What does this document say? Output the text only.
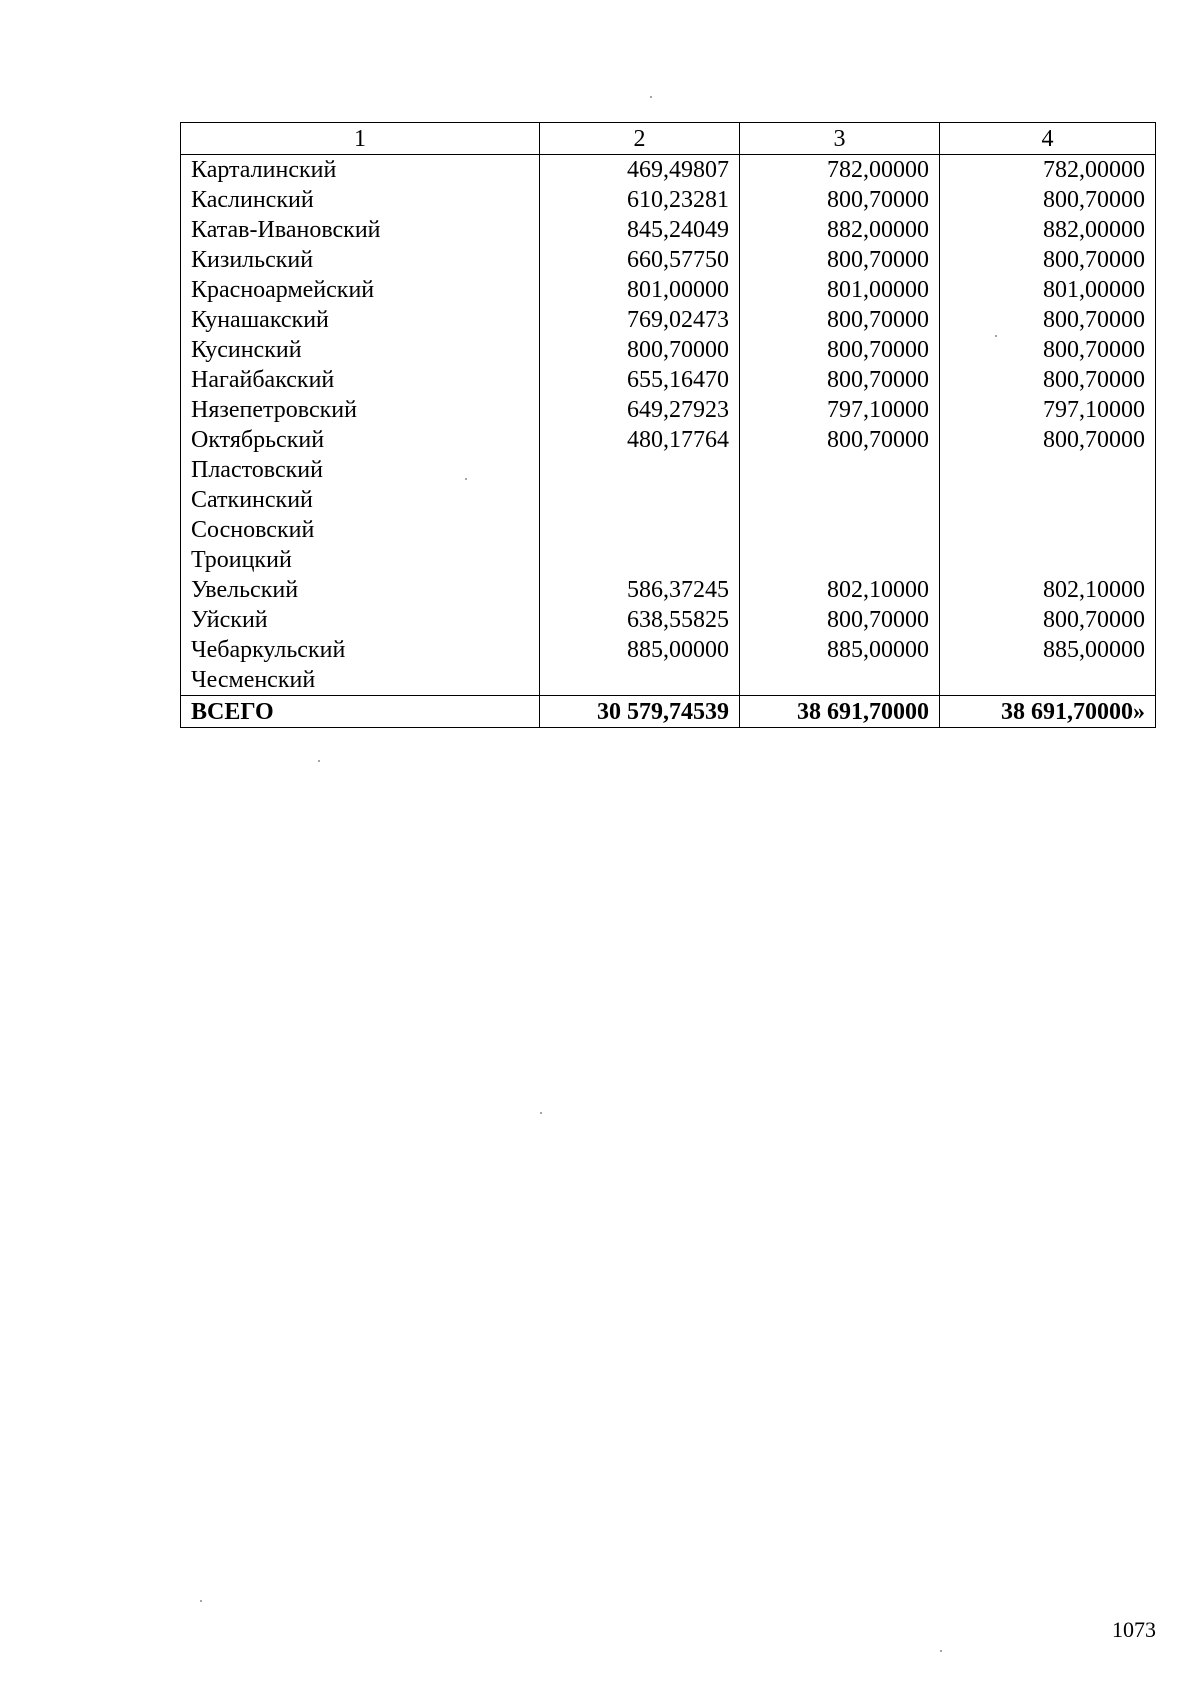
1	2	3	4
Карталинский	469,49807	782,00000	782,00000
Каслинский	610,23281	800,70000	800,70000
Катав-Ивановский	845,24049	882,00000	882,00000
Кизильский	660,57750	800,70000	800,70000
Красноармейский	801,00000	801,00000	801,00000
Кунашакский	769,02473	800,70000	800,70000
Кусинский	800,70000	800,70000	800,70000
Нагайбакский	655,16470	800,70000	800,70000
Нязепетровский	649,27923	797,10000	797,10000
Октябрьский	480,17764	800,70000	800,70000
Пластовский			
Саткинский			
Сосновский			
Троицкий			
Увельский	586,37245	802,10000	802,10000
Уйский	638,55825	800,70000	800,70000
Чебаркульский	885,00000	885,00000	885,00000
Чесменский			
ВСЕГО	30 579,74539	38 691,70000	38 691,70000»
1073
